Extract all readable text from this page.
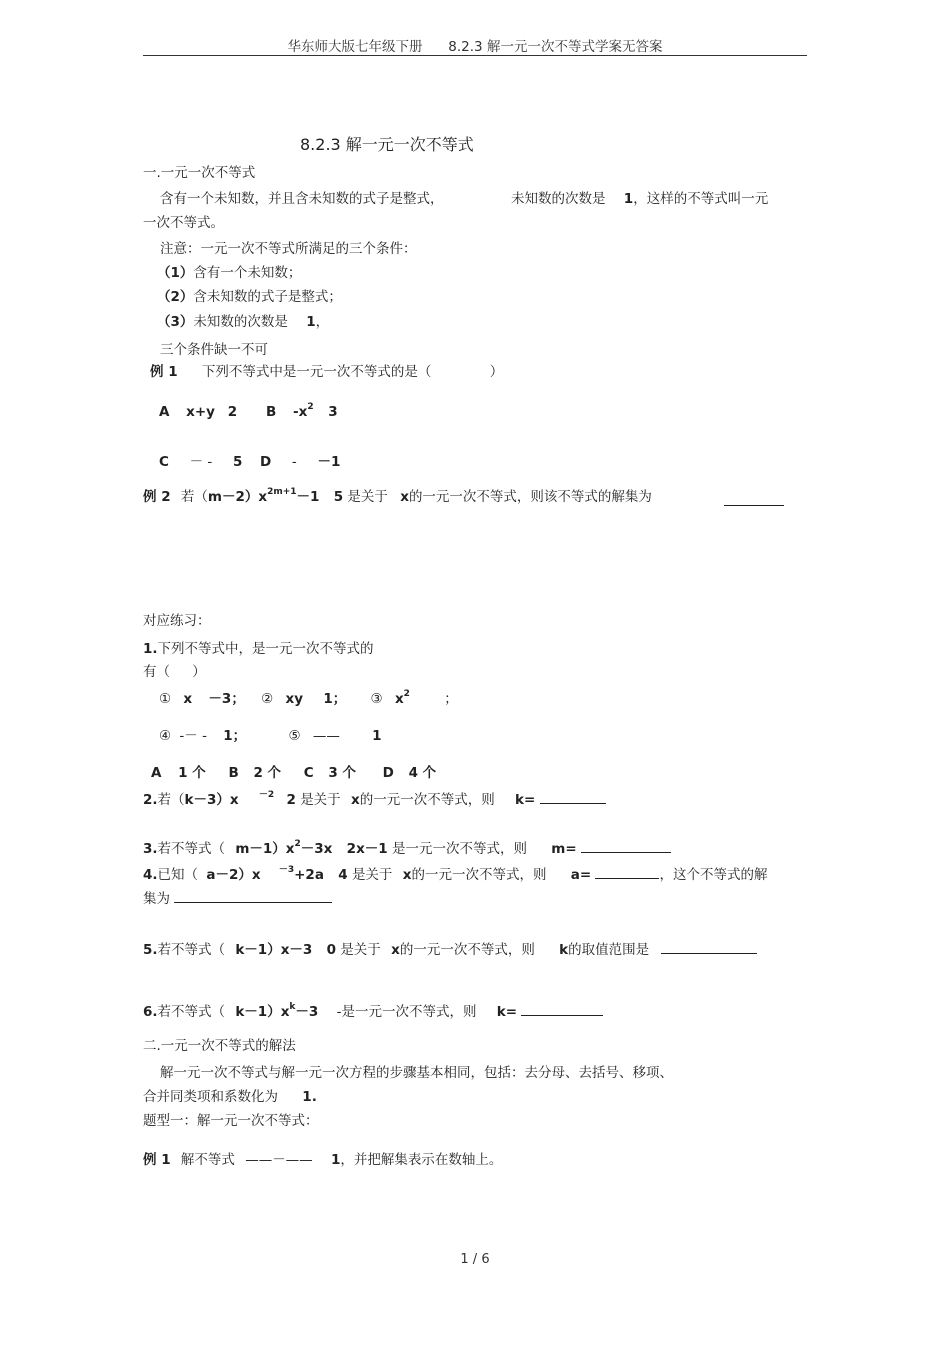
华东师大版七年级下册 8.2.3 解一元一次不等式学案无答案
8.2.3 解一元一次不等式
一.一元一次不等式
含有一个未知数，并且含未知数的式子是整式，	未知数的次数是 1，这样的不等式叫一元
一次不等式。
注意：一元一次不等式所满足的三个条件：
（1）含有一个未知数；
（2）含未知数的式子是整式；
（3）未知数的次数是 1，
三个条件缺一不可
例 1 下列不等式中是一元一次不等式的是（	）
A x+y 2 B $-x^2$ 3
C － - 5 D - －1
例 2 若$(m-2)x^{2m+1}-1$ 5 是关于 x的一元一次不等式，则该不等式的解集为
对应练习：
1.下列不等式中，是一元一次不等式的
有（ ）
① x －3； ② xy 1； ③ $x^2$	；
④ -－ - 1；	⑤ —— 1
A 1 个 B 2 个 C 3 个 D 4 个
2.若（k－3）x $^{-2}$ 2 是关于 x的一元一次不等式，则 k=
3.若不等式（ $m-1)x^2-3x$ 2x－1 是一元一次不等式，则 m=
4.已知（ a－2）x $^{-3}$+2a 4 是关于 x的一元一次不等式，则 a=	，这个不等式的解
集为
5.若不等式（ k－1）x－3 0 是关于 x的一元一次不等式，则 k的取值范围是
6.若不等式（ $k-1)x^k-3$ -是一元一次不等式，则 k=
二.一元一次不等式的解法
解一元一次不等式与解一元一次方程的步骤基本相同，包括：去分母、去括号、移项、
合并同类项和系数化为 1.
题型一：解一元一次不等式：
例 1 解不等式 ——－—— 1，并把解集表示在数轴上。
1 / 6
